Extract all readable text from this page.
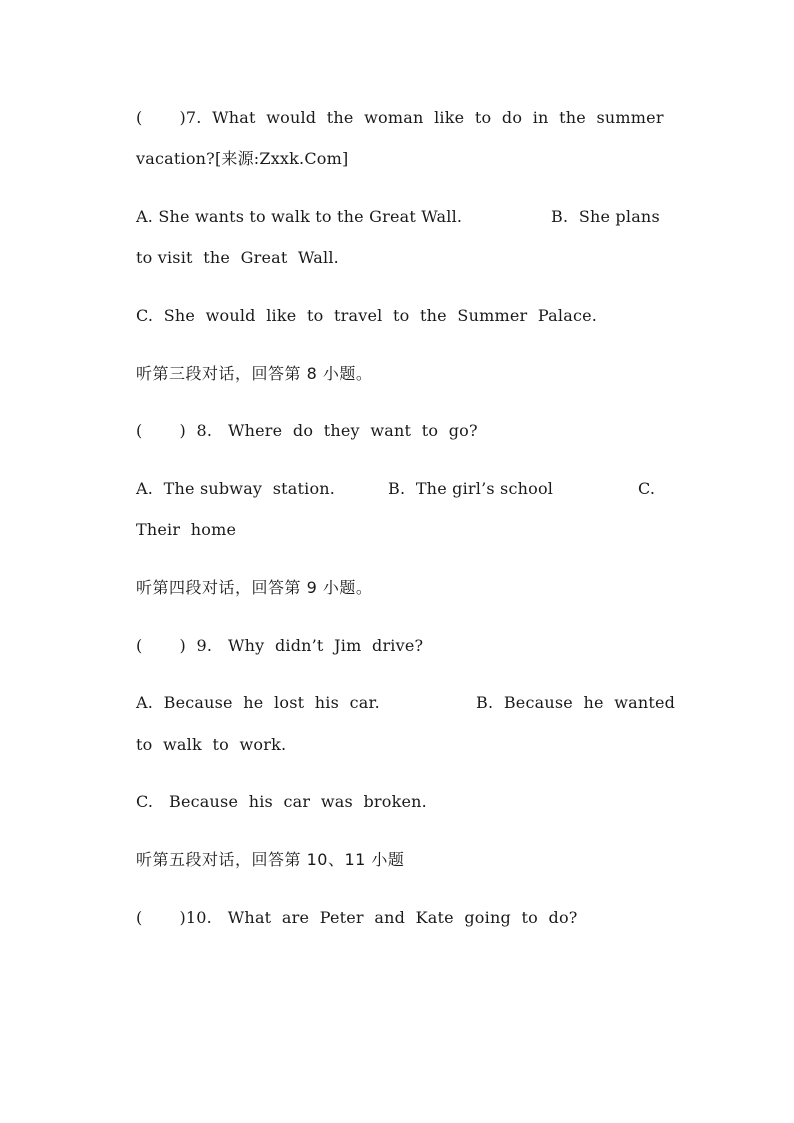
(       )7.  What  would  the  woman  like  to  do  in  the  summer
vacation?[来源:Zxxk.Com]
A. She wants to walk to the Great Wall.	B.  She plans
to visit  the  Great  Wall.
C.  She  would  like  to  travel  to  the  Summer  Palace.
听第三段对话，回答第 8 小题。
(       )  8.   Where  do  they  want  to  go?
A.  The subway  station.	B.  The girl’s school	C.
Their  home
听第四段对话，回答第 9 小题。
(       )  9.   Why  didn’t  Jim  drive?
A.  Because  he  lost  his  car.	B.  Because  he  wanted
to  walk  to  work.
C.   Because  his  car  was  broken.
听第五段对话，回答第 10、11 小题
(       )10.   What  are  Peter  and  Kate  going  to  do?
